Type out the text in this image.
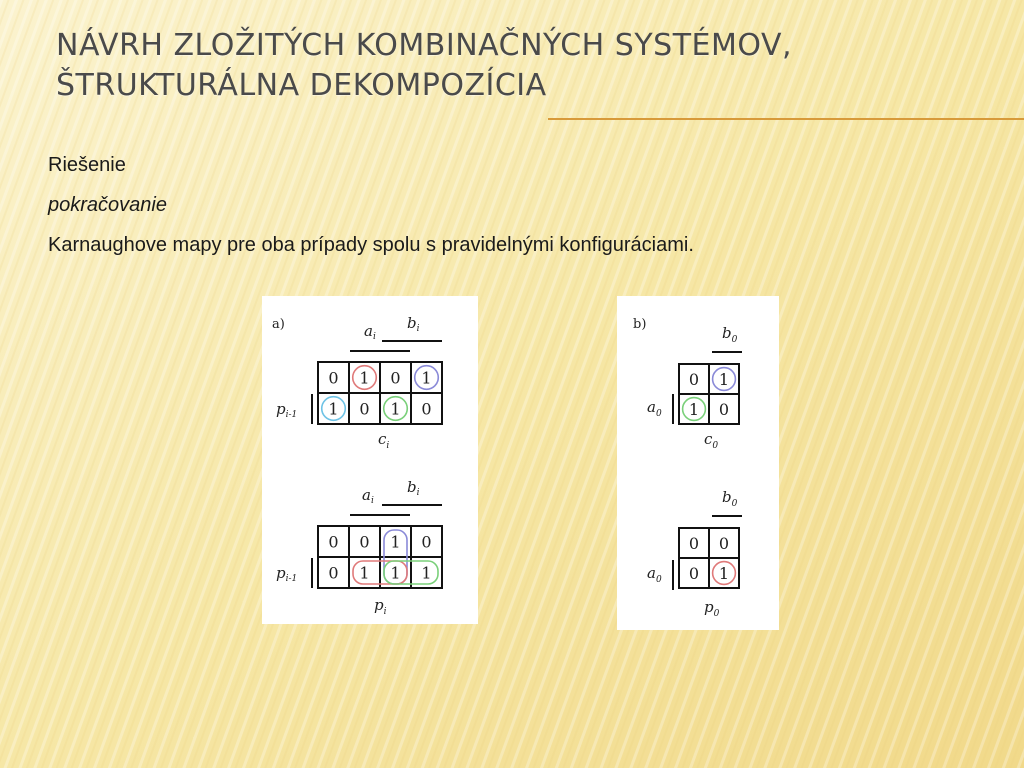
NÁVRH ZLOŽITÝCH KOMBINAČNÝCH SYSTÉMOV,
ŠTRUKTURÁLNA DEKOMPOZÍCIA

Riešenie

pokračovanie

Karnaughove mapy pre oba prípady spolu s pravidelnými konfiguráciami.

a)	$a_i$
$b_i$
$p_{i-1}$
0 1 0 1
1 0 1 0
$c_i$
$a_i$
$b_i$
$p_{i-1}$
0 0 1 0
0 1 1 1
$p_i$
b)	$b_0$
$a_0$
0 1
1 0
$c_0$
$b_0$
$a_0$
0 0
0 1
$p_0$
